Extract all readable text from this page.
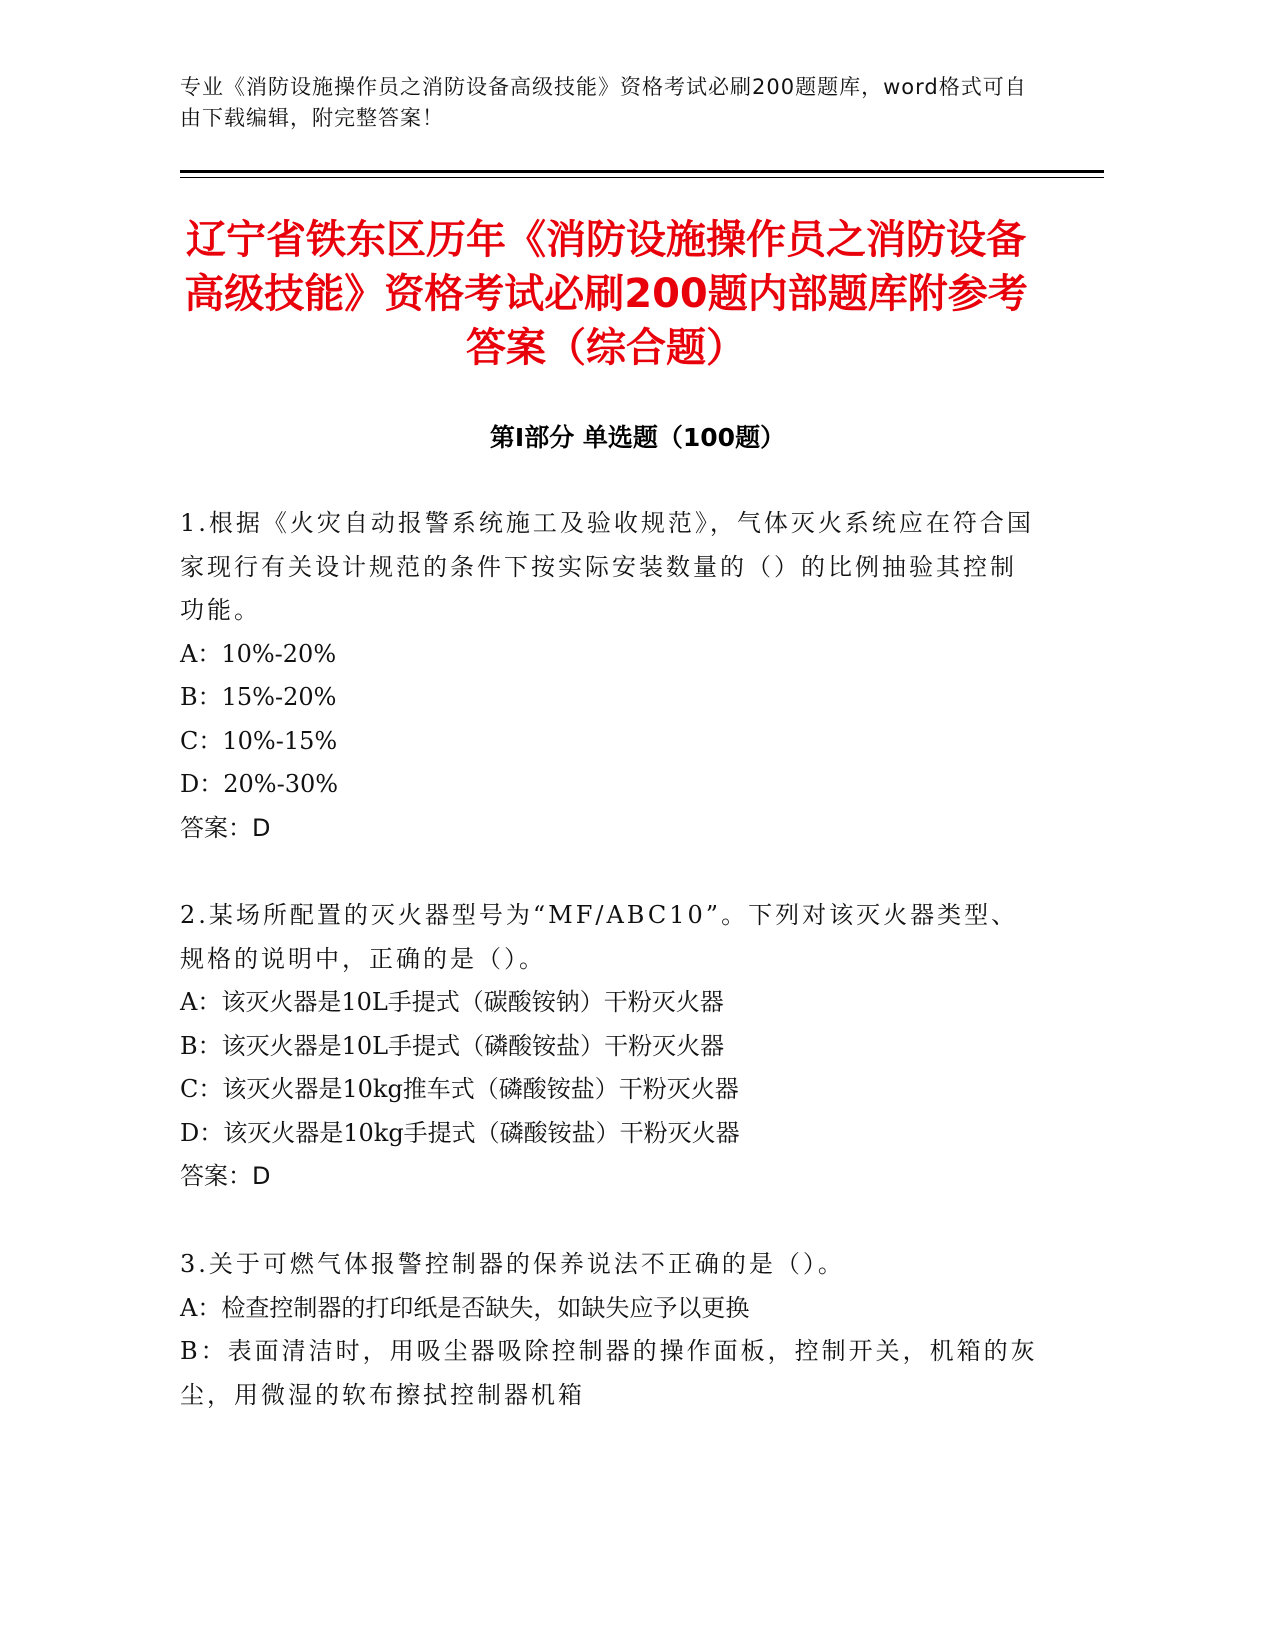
专业《消防设施操作员之消防设备高级技能》资格考试必刷200题题库，word格式可自由下载编辑，附完整答案！
辽宁省铁东区历年《消防设施操作员之消防设备高级技能》资格考试必刷200题内部题库附参考答案（综合题）
第Ⅰ部分 单选题（100题）
1.根据《火灾自动报警系统施工及验收规范》，气体灭火系统应在符合国家现行有关设计规范的条件下按实际安装数量的（）的比例抽验其控制功能。
A：10%-20%
B：15%-20%
C：10%-15%
D：20%-30%
答案：D
2.某场所配置的灭火器型号为“MF/ABC10”。下列对该灭火器类型、规格的说明中，正确的是（）。
A：该灭火器是10L手提式（碳酸铵钠）干粉灭火器
B：该灭火器是10L手提式（磷酸铵盐）干粉灭火器
C：该灭火器是10kg推车式（磷酸铵盐）干粉灭火器
D：该灭火器是10kg手提式（磷酸铵盐）干粉灭火器
答案：D
3.关于可燃气体报警控制器的保养说法不正确的是（）。
A：检查控制器的打印纸是否缺失，如缺失应予以更换
B：表面清洁时，用吸尘器吸除控制器的操作面板，控制开关，机箱的灰尘，用微湿的软布擦拭控制器机箱
